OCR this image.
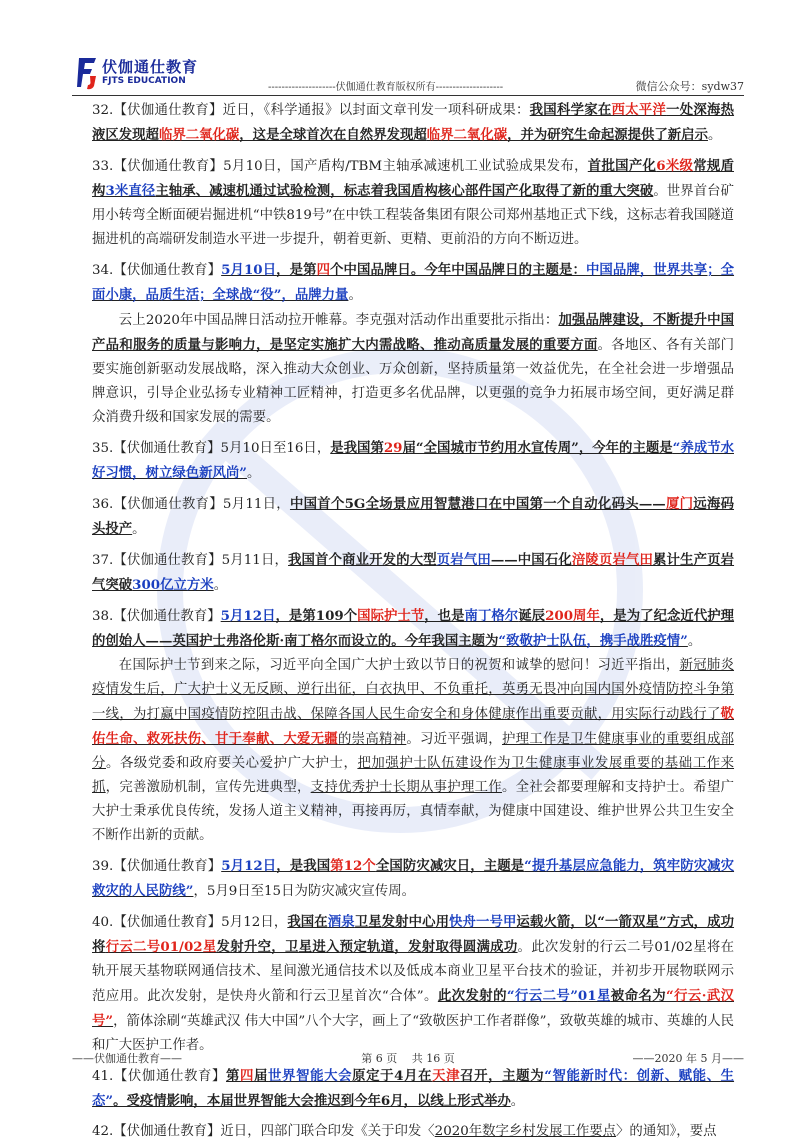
伏伽通仕教育
FJTS EDUCATION
--------------------伏伽通仕教育版权所有--------------------	微信公众号：sydw37

32.【伏伽通仕教育】近日，《科学通报》以封面文章刊发一项科研成果：我国科学家在西太平洋一处深海热液区发现超临界二氧化碳，这是全球首次在自然界发现超临界二氧化碳，并为研究生命起源提供了新启示。

33.【伏伽通仕教育】5月10日，国产盾构/TBM主轴承减速机工业试验成果发布，首批国产化6米级常规盾构3米直径主轴承、减速机通过试验检测，标志着我国盾构核心部件国产化取得了新的重大突破。世界首台矿用小转弯全断面硬岩掘进机“中铁819号”在中铁工程装备集团有限公司郑州基地正式下线，这标志着我国隧道掘进机的高端研发制造水平进一步提升，朝着更新、更精、更前沿的方向不断迈进。

34.【伏伽通仕教育】5月10日，是第四个中国品牌日。今年中国品牌日的主题是：中国品牌，世界共享；全面小康，品质生活；全球战“役”，品牌力量。

云上2020年中国品牌日活动拉开帷幕。李克强对活动作出重要批示指出：加强品牌建设，不断提升中国产品和服务的质量与影响力，是坚定实施扩大内需战略、推动高质量发展的重要方面。各地区、各有关部门要实施创新驱动发展战略，深入推动大众创业、万众创新，坚持质量第一效益优先，在全社会进一步增强品牌意识，引导企业弘扬专业精神工匠精神，打造更多名优品牌，以更强的竞争力拓展市场空间，更好满足群众消费升级和国家发展的需要。

35.【伏伽通仕教育】5月10日至16日，是我国第29届“全国城市节约用水宣传周”，今年的主题是“养成节水好习惯，树立绿色新风尚”。

36.【伏伽通仕教育】5月11日，中国首个5G全场景应用智慧港口在中国第一个自动化码头——厦门远海码头投产。

37.【伏伽通仕教育】5月11日，我国首个商业开发的大型页岩气田——中国石化涪陵页岩气田累计生产页岩气突破300亿立方米。

38.【伏伽通仕教育】5月12日，是第109个国际护士节，也是南丁格尔诞辰200周年，是为了纪念近代护理的创始人——英国护士弗洛伦斯·南丁格尔而设立的。今年我国主题为“致敬护士队伍，携手战胜疫情”。

在国际护士节到来之际，习近平向全国广大护士致以节日的祝贺和诚挚的慰问！习近平指出，新冠肺炎疫情发生后，广大护士义无反顾、逆行出征，白衣执甲、不负重托，英勇无畏冲向国内国外疫情防控斗争第一线，为打赢中国疫情防控阻击战、保障各国人民生命安全和身体健康作出重要贡献，用实际行动践行了敬佑生命、救死扶伤、甘于奉献、大爱无疆的崇高精神。习近平强调，护理工作是卫生健康事业的重要组成部分。各级党委和政府要关心爱护广大护士，把加强护士队伍建设作为卫生健康事业发展重要的基础工作来抓，完善激励机制，宣传先进典型，支持优秀护士长期从事护理工作。全社会都要理解和支持护士。希望广大护士秉承优良传统，发扬人道主义精神，再接再厉，真情奉献，为健康中国建设、维护世界公共卫生安全不断作出新的贡献。

39.【伏伽通仕教育】5月12日，是我国第12个全国防灾减灾日，主题是“提升基层应急能力，筑牢防灾减灾救灾的人民防线”，5月9日至15日为防灾减灾宣传周。

40.【伏伽通仕教育】5月12日，我国在酒泉卫星发射中心用快舟一号甲运载火箭，以“一箭双星”方式，成功将行云二号01/02星发射升空，卫星进入预定轨道，发射取得圆满成功。此次发射的行云二号01/02星将在轨开展天基物联网通信技术、星间激光通信技术以及低成本商业卫星平台技术的验证，并初步开展物联网示范应用。此次发射，是快舟火箭和行云卫星首次“合体”。此次发射的“行云二号”01星被命名为“行云·武汉号”，箭体涂刷“英雄武汉 伟大中国”八个大字，画上了“致敬医护工作者群像”，致敬英雄的城市、英雄的人民和广大医护工作者。

41.【伏伽通仕教育】第四届世界智能大会原定于4月在天津召开，主题为“智能新时代：创新、赋能、生态”。受疫情影响，本届世界智能大会推迟到今年6月，以线上形式举办。

42.【伏伽通仕教育】近日，四部门联合印发《关于印发〈2020年数字乡村发展工作要点〉的通知》，要点

——伏伽通仕教育——	第 6 页　 共 16 页	——2020 年 5 月——
